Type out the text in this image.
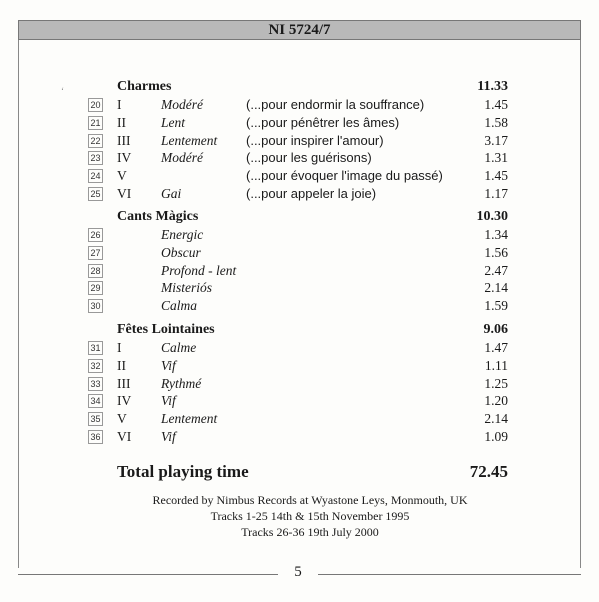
NI 5724/7
ʻ	Charmes	11.33
20 I	Modéré	(...pour endormir la souffrance)	1.45
21 II	Lent	(...pour pénêtrer les âmes)	1.58
22 III Lentement (...pour inspirer l'amour)	3.17
23 IV Modéré	(...pour les guérisons)	1.31
24 V	(...pour évoquer l'image du passé)	1.45
25 VI Gai	(...pour appeler la joie)	1.17
Cants Màgics	10.30
26	Energic	1.34
27	Obscur	1.56
28	Profond - lent	2.47
29	Misteriós	2.14
30	Calma	1.59
Fêtes Lointaines	9.06
31 I	Calme	1.47
32 II	Vif	1.11
33 III Rythmé	1.25
34 IV Vif	1.20
35 V	Lentement	2.14
36 VI Vif	1.09
Total playing time	72.45
Recorded by Nimbus Records at Wyastone Leys, Monmouth, UK
Tracks 1-25 14th & 15th November 1995
Tracks 26-36 19th July 2000
5
